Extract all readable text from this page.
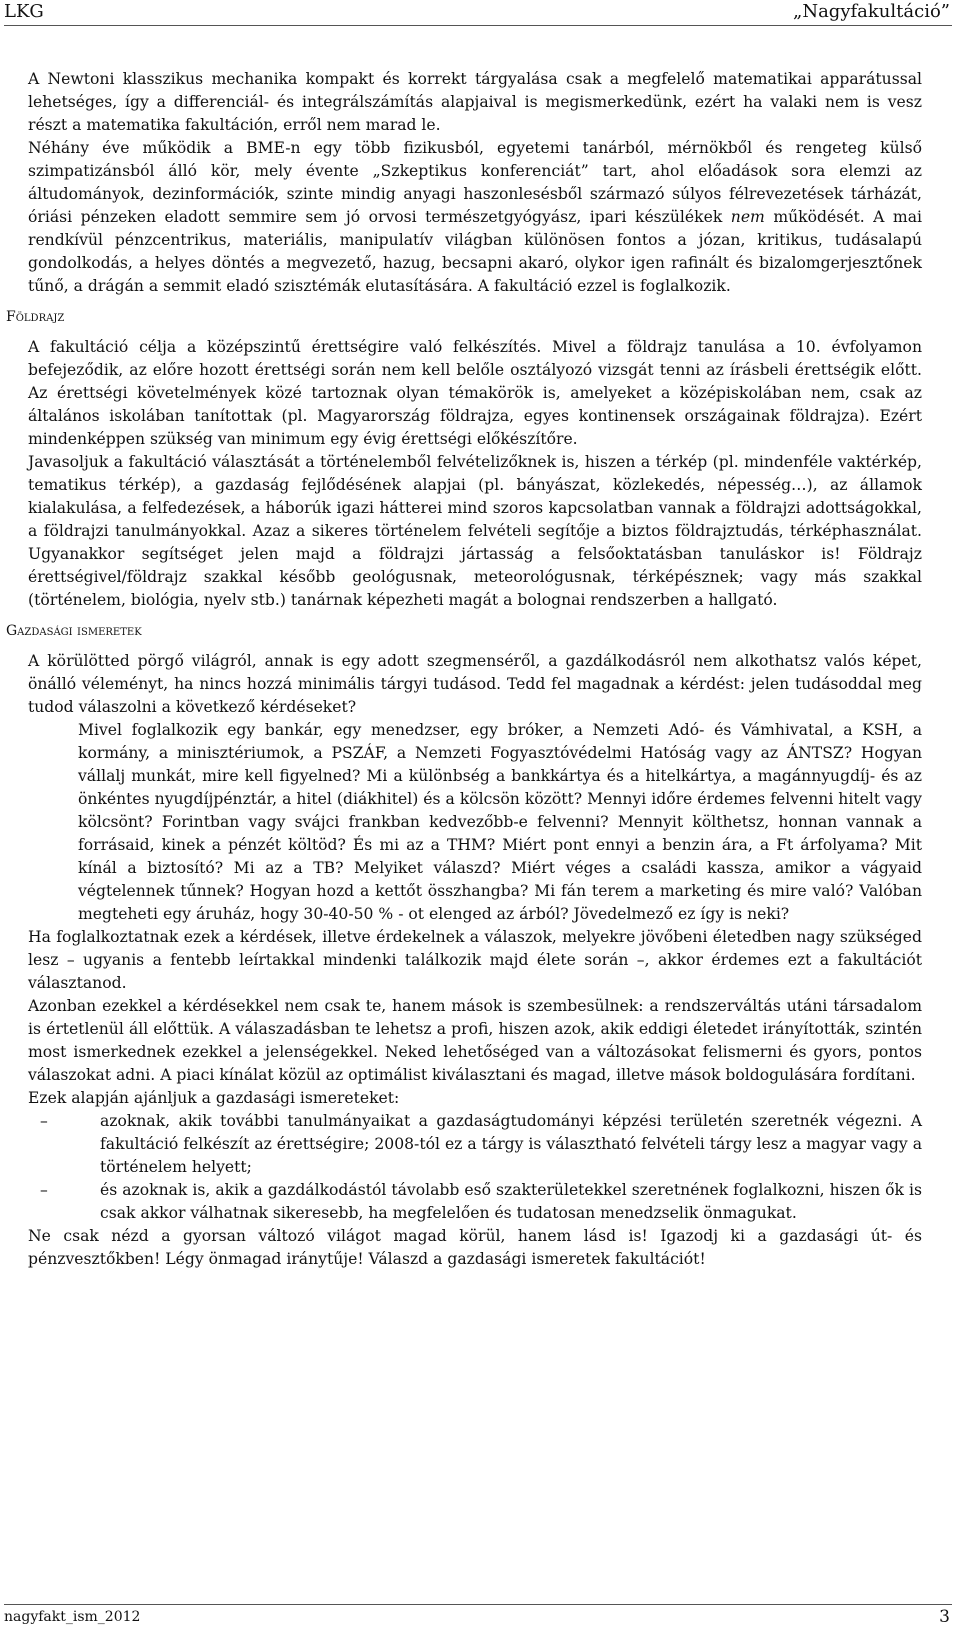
LKG	„Nagyfakultáció”

A Newtoni klasszikus mechanika kompakt és korrekt tárgyalása csak a megfelelő matematikai apparátussal lehetséges, így a differenciál- és integrálszámítás alapjaival is megismerkedünk, ezért ha valaki nem is vesz részt a matematika fakultáción, erről nem marad le.

Néhány éve működik a BME-n egy több fizikusból, egyetemi tanárból, mérnökből és rengeteg külső szimpatizánsból álló kör, mely évente „Szkeptikus konferenciát” tart, ahol előadások sora elemzi az áltudományok, dezinformációk, szinte mindig anyagi haszonlesésből származó súlyos félrevezetések tárházát, óriási pénzeken eladott semmire sem jó orvosi természetgyógyász, ipari készülékek nem működését. A mai rendkívül pénzcentrikus, materiális, manipulatív világban különösen fontos a józan, kritikus, tudásalapú gondolkodás, a helyes döntés a megvezető, hazug, becsapni akaró, olykor igen rafinált és bizalomgerjesztőnek tűnő, a drágán a semmit eladó szisztémák elutasítására. A fakultáció ezzel is foglalkozik.

Földrajz

A fakultáció célja a középszintű érettségire való felkészítés. Mivel a földrajz tanulása a 10. évfolyamon befejeződik, az előre hozott érettségi során nem kell belőle osztályozó vizsgát tenni az írásbeli érettségik előtt. Az érettségi követelmények közé tartoznak olyan témakörök is, amelyeket a középiskolában nem, csak az általános iskolában tanítottak (pl. Magyarország földrajza, egyes kontinensek országainak földrajza). Ezért mindenképpen szükség van minimum egy évig érettségi előkészítőre.

Javasoljuk a fakultáció választását a történelemből felvételizőknek is, hiszen a térkép (pl. mindenféle vaktérkép, tematikus térkép), a gazdaság fejlődésének alapjai (pl. bányászat, közlekedés, népesség…), az államok kialakulása, a felfedezések, a háborúk igazi hátterei mind szoros kapcsolatban vannak a földrajzi adottságokkal, a földrajzi tanulmányokkal. Azaz a sikeres történelem felvételi segítője a biztos földrajztudás, térképhasználat. Ugyanakkor segítséget jelen majd a földrajzi jártasság a felsőoktatásban tanuláskor is! Földrajz érettségivel/földrajz szakkal később geológusnak, meteorológusnak, térképésznek; vagy más szakkal (történelem, biológia, nyelv stb.) tanárnak képezheti magát a bolognai rendszerben a hallgató.

Gazdasági ismeretek

A körülötted pörgő világról, annak is egy adott szegmenséről, a gazdálkodásról nem alkothatsz valós képet, önálló véleményt, ha nincs hozzá minimális tárgyi tudásod. Tedd fel magadnak a kérdést: jelen tudásoddal meg tudod válaszolni a következő kérdéseket?

Mivel foglalkozik egy bankár, egy menedzser, egy bróker, a Nemzeti Adó- és Vámhivatal, a KSH, a kormány, a minisztériumok, a PSZÁF, a Nemzeti Fogyasztóvédelmi Hatóság vagy az ÁNTSZ? Hogyan vállalj munkát, mire kell figyelned? Mi a különbség a bankkártya és a hitelkártya, a magánnyugdíj- és az önkéntes nyugdíjpénztár, a hitel (diákhitel) és a kölcsön között? Mennyi időre érdemes felvenni hitelt vagy kölcsönt? Forintban vagy svájci frankban kedvezőbb-e felvenni? Mennyit költhetsz, honnan vannak a forrásaid, kinek a pénzét költöd? És mi az a THM? Miért pont ennyi a benzin ára, a Ft árfolyama? Mit kínál a biztosító? Mi az a TB? Melyiket válaszd? Miért véges a családi kassza, amikor a vágyaid végtelennek tűnnek? Hogyan hozd a kettőt összhangba? Mi fán terem a marketing és mire való? Valóban megteheti egy áruház, hogy 30-40-50 % - ot elenged az árból? Jövedelmező ez így is neki?

Ha foglalkoztatnak ezek a kérdések, illetve érdekelnek a válaszok, melyekre jövőbeni életedben nagy szükséged lesz – ugyanis a fentebb leírtakkal mindenki találkozik majd élete során –, akkor érdemes ezt a fakultációt választanod.

Azonban ezekkel a kérdésekkel nem csak te, hanem mások is szembesülnek: a rendszerváltás utáni társadalom is értetlenül áll előttük. A válaszadásban te lehetsz a profi, hiszen azok, akik eddigi életedet irányították, szintén most ismerkednek ezekkel a jelenségekkel. Neked lehetőséged van a változásokat felismerni és gyors, pontos válaszokat adni. A piaci kínálat közül az optimálist kiválasztani és magad, illetve mások boldogulására fordítani.

Ezek alapján ajánljuk a gazdasági ismereteket:

–	azoknak, akik további tanulmányaikat a gazdaságtudományi képzési területén szeretnék végezni. A fakultáció felkészít az érettségire; 2008-tól ez a tárgy is választható felvételi tárgy lesz a magyar vagy a történelem helyett;
–	és azoknak is, akik a gazdálkodástól távolabb eső szakterületekkel szeretnének foglalkozni, hiszen ők is csak akkor válhatnak sikeresebb, ha megfelelően és tudatosan menedzselik önmagukat.

Ne csak nézd a gyorsan változó világot magad körül, hanem lásd is! Igazodj ki a gazdasági út- és pénzvesztőkben! Légy önmagad iránytűje! Válaszd a gazdasági ismeretek fakultációt!

nagyfakt_ism_2012	3
